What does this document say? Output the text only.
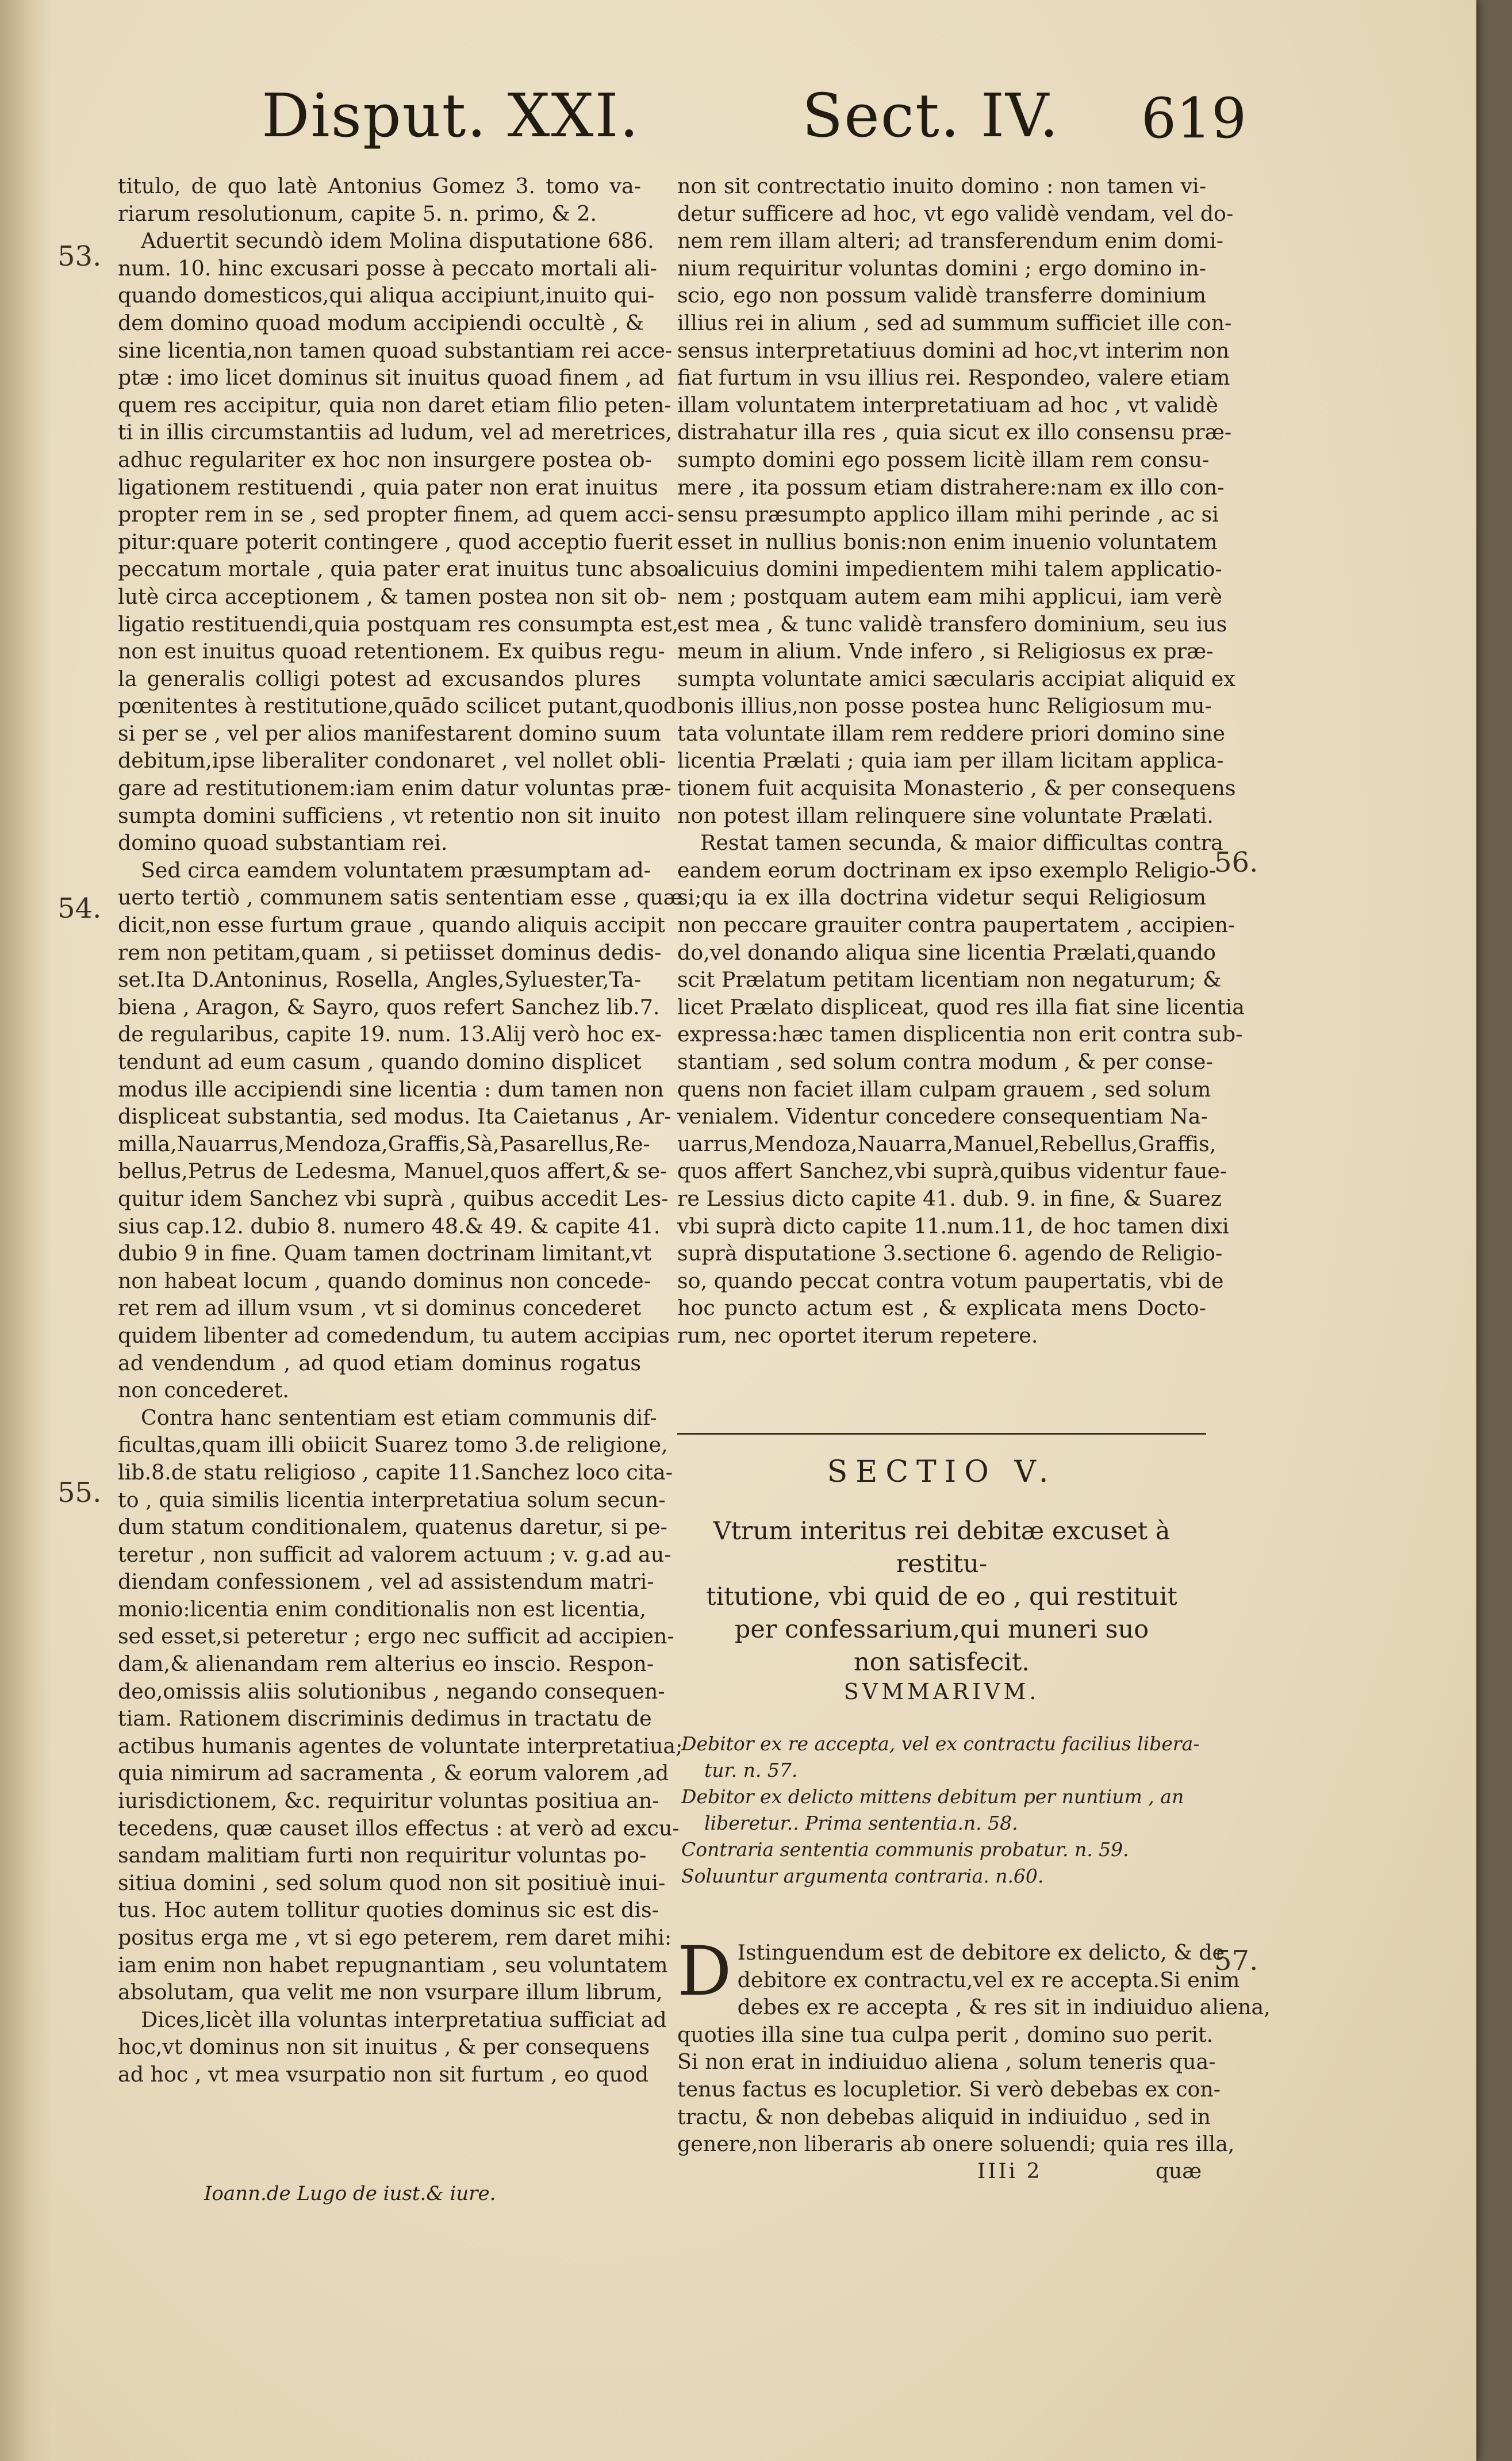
Disput. XXI.	Sect. IV. 619
53.
54.
55.
56.
57.
titulo, de quo latè Antonius Gomez 3. tomo va-
riarum resolutionum, capite 5. n. primo, & 2.
Aduertit secundò idem Molina disputatione 686.
num. 10. hinc excusari posse à peccato mortali ali-
quando domesticos,qui aliqua accipiunt,inuito qui-
dem domino quoad modum accipiendi occultè , &
sine licentia,non tamen quoad substantiam rei acce-
ptæ : imo licet dominus sit inuitus quoad finem , ad
quem res accipitur, quia non daret etiam filio peten-
ti in illis circumstantiis ad ludum, vel ad meretrices,
adhuc regulariter ex hoc non insurgere postea ob-
ligationem restituendi , quia pater non erat inuitus
propter rem in se , sed propter finem, ad quem acci-
pitur:quare poterit contingere , quod acceptio fuerit
peccatum mortale , quia pater erat inuitus tunc abso-
lutè circa acceptionem , & tamen postea non sit ob-
ligatio restituendi,quia postquam res consumpta est,
non est inuitus quoad retentionem. Ex quibus regu-
la generalis colligi potest ad excusandos plures
pœnitentes à restitutione,quādo scilicet putant,quod
si per se , vel per alios manifestarent domino suum
debitum,ipse liberaliter condonaret , vel nollet obli-
gare ad restitutionem:iam enim datur voluntas præ-
sumpta domini sufficiens , vt retentio non sit inuito
domino quoad substantiam rei.
Sed circa eamdem voluntatem præsumptam ad-
uerto tertiò , communem satis sententiam esse , quæ
dicit,non esse furtum graue , quando aliquis accipit
rem non petitam,quam , si petiisset dominus dedis-
set.Ita D.Antoninus, Rosella, Angles,Syluester,Ta-
biena , Aragon, & Sayro, quos refert Sanchez lib.7.
de regularibus, capite 19. num. 13.Alij verò hoc ex-
tendunt ad eum casum , quando domino displicet
modus ille accipiendi sine licentia : dum tamen non
displiceat substantia, sed modus. Ita Caietanus , Ar-
milla,Nauarrus,Mendoza,Graffis,Sà,Pasarellus,Re-
bellus,Petrus de Ledesma, Manuel,quos affert,& se-
quitur idem Sanchez vbi suprà , quibus accedit Les-
sius cap.12. dubio 8. numero 48.& 49. & capite 41.
dubio 9 in fine. Quam tamen doctrinam limitant,vt
non habeat locum , quando dominus non concede-
ret rem ad illum vsum , vt si dominus concederet
quidem libenter ad comedendum, tu autem accipias
ad vendendum , ad quod etiam dominus rogatus
non concederet.
Contra hanc sententiam est etiam communis dif-
ficultas,quam illi obiicit Suarez tomo 3.de religione,
lib.8.de statu religioso , capite 11.Sanchez loco cita-
to , quia similis licentia interpretatiua solum secun-
dum statum conditionalem, quatenus daretur, si pe-
teretur , non sufficit ad valorem actuum ; v. g.ad au-
diendam confessionem , vel ad assistendum matri-
monio:licentia enim conditionalis non est licentia,
sed esset,si peteretur ; ergo nec sufficit ad accipien-
dam,& alienandam rem alterius eo inscio. Respon-
deo,omissis aliis solutionibus , negando consequen-
tiam. Rationem discriminis dedimus in tractatu de
actibus humanis agentes de voluntate interpretatiua;
quia nimirum ad sacramenta , & eorum valorem ,ad
iurisdictionem, &c. requiritur voluntas positiua an-
tecedens, quæ causet illos effectus : at verò ad excu-
sandam malitiam furti non requiritur voluntas po-
sitiua domini , sed solum quod non sit positiuè inui-
tus. Hoc autem tollitur quoties dominus sic est dis-
positus erga me , vt si ego peterem, rem daret mihi:
iam enim non habet repugnantiam , seu voluntatem
absolutam, qua velit me non vsurpare illum librum,
Dices,licèt illa voluntas interpretatiua sufficiat ad
hoc,vt dominus non sit inuitus , & per consequens
ad hoc , vt mea vsurpatio non sit furtum , eo quod
non sit contrectatio inuito domino : non tamen vi-
detur sufficere ad hoc, vt ego validè vendam, vel do-
nem rem illam alteri; ad transferendum enim domi-
nium requiritur voluntas domini ; ergo domino in-
scio, ego non possum validè transferre dominium
illius rei in alium , sed ad summum sufficiet ille con-
sensus interpretatiuus domini ad hoc,vt interim non
fiat furtum in vsu illius rei. Respondeo, valere etiam
illam voluntatem interpretatiuam ad hoc , vt validè
distrahatur illa res , quia sicut ex illo consensu præ-
sumpto domini ego possem licitè illam rem consu-
mere , ita possum etiam distrahere:nam ex illo con-
sensu præsumpto applico illam mihi perinde , ac si
esset in nullius bonis:non enim inuenio voluntatem
alicuius domini impedientem mihi talem applicatio-
nem ; postquam autem eam mihi applicui, iam verè
est mea , & tunc validè transfero dominium, seu ius
meum in alium. Vnde infero , si Religiosus ex præ-
sumpta voluntate amici sæcularis accipiat aliquid ex
bonis illius,non posse postea hunc Religiosum mu-
tata voluntate illam rem reddere priori domino sine
licentia Prælati ; quia iam per illam licitam applica-
tionem fuit acquisita Monasterio , & per consequens
non potest illam relinquere sine voluntate Prælati.
Restat tamen secunda, & maior difficultas contra
eandem eorum doctrinam ex ipso exemplo Religio-
si;qu ia ex illa doctrina videtur sequi Religiosum
non peccare grauiter contra paupertatem , accipien-
do,vel donando aliqua sine licentia Prælati,quando
scit Prælatum petitam licentiam non negaturum; &
licet Prælato displiceat, quod res illa fiat sine licentia
expressa:hæc tamen displicentia non erit contra sub-
stantiam , sed solum contra modum , & per conse-
quens non faciet illam culpam grauem , sed solum
venialem. Videntur concedere consequentiam Na-
uarrus,Mendoza,Nauarra,Manuel,Rebellus,Graffis,
quos affert Sanchez,vbi suprà,quibus videntur faue-
re Lessius dicto capite 41. dub. 9. in fine, & Suarez
vbi suprà dicto capite 11.num.11, de hoc tamen dixi
suprà disputatione 3.sectione 6. agendo de Religio-
so, quando peccat contra votum paupertatis, vbi de
hoc puncto actum est , & explicata mens Docto-
rum, nec oportet iterum repetere.
SECTIO V.
Vtrum interitus rei debitæ excuset à restitu-
titutione, vbi quid de eo , qui restituit
per confessarium,qui muneri suo
non satisfecit.
SVMMARIVM.
Debitor ex re accepta, vel ex contractu facilius libera-
tur. n. 57.
Debitor ex delicto mittens debitum per nuntium , an
liberetur.. Prima sententia.n. 58.
Contraria sententia communis probatur. n. 59.
Soluuntur argumenta contraria. n.60.
D Istinguendum est de debitore ex delicto, & de
debitore ex contractu,vel ex re accepta.Si enim
debes ex re accepta , & res sit in indiuiduo aliena,
quoties illa sine tua culpa perit , domino suo perit.
Si non erat in indiuiduo aliena , solum teneris qua-
tenus factus es locupletior. Si verò debebas ex con-
tractu, & non debebas aliquid in indiuiduo , sed in
genere,non liberaris ab onere soluendi; quia res illa,
IIIi 2	quæ
Ioann.de Lugo de iust.& iure.
